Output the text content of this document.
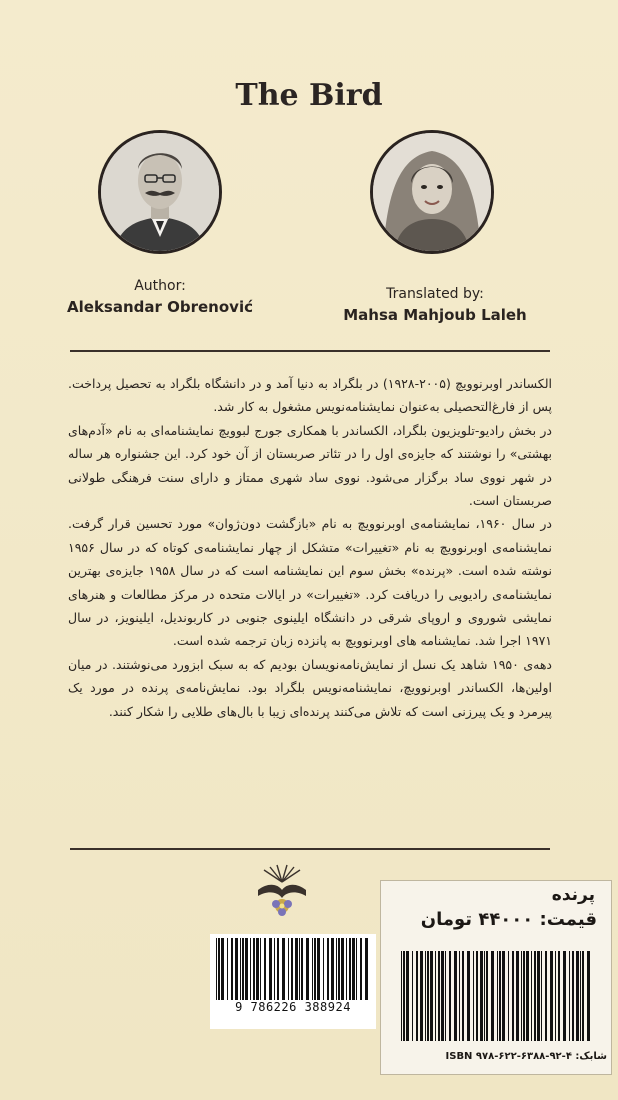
The Bird
Author:
Aleksandar Obrenović
Translated by:
Mahsa Mahjoub Laleh

الکساندر اوبرنوویچ (۲۰۰۵-۱۹۲۸) در بلگراد به دنیا آمد و در دانشگاه بلگراد به تحصیل پرداخت. پس از فارغ‌التحصیلی به‌عنوان نمایشنامه‌نویس مشغول به کار شد.

در بخش رادیو-تلویزیون بلگراد، الکساندر با همکاری جورج لبوویچ نمایشنامه‌ای به نام «آدم‌های بهشتی» را نوشتند که جایزه‌ی اول را در تئاتر صربستان از آن خود کرد. این جشنواره هر ساله در شهر نووی ساد برگزار می‌شود. نووی ساد شهری ممتاز و دارای سنت فرهنگی طولانی صربستان است.

در سال ۱۹۶۰، نمایشنامه‌ی اوبرنوویچ به نام «بازگشت دون‌ژوان» مورد تحسین قرار گرفت. نمایشنامه‌ی اوبرنوویچ به نام «تغییرات» متشکل از چهار نمایشنامه‌ی کوتاه که در سال ۱۹۵۶ نوشته شده است. «پرنده» بخش سوم این نمایشنامه است که در سال ۱۹۵۸ جایزه‌ی بهترین نمایشنامه‌ی رادیویی را دریافت کرد. «تغییرات» در ایالات متحده در مرکز مطالعات و هنرهای نمایشی شوروی و اروپای شرقی در دانشگاه ایلینوی جنوبی در کاربوندیل، ایلینویز، در سال ۱۹۷۱ اجرا شد. نمایشنامه های اوبرنوویچ به پانزده زبان ترجمه شده است.

دهه‌ی ۱۹۵۰ شاهد یک نسل از نمایش‌نامه‌نویسان بودیم که به سبک ابزورد می‌نوشتند. در میان اولین‌ها، الکساندر اوبرنوویچ، نمایشنامه‌نویس بلگراد بود. نمایش‌نامه‌ی پرنده در مورد یک پیرمرد و یک پیرزنی است که تلاش می‌کنند پرنده‌ای زیبا با بال‌های طلایی را شکار کنند.

9 786226 388924
پرنده
قیمت: ۴۴۰۰۰ تومان
شابک: ۴-۹۲-۶۳۸۸-۶۲۲-۹۷۸ ISBN
